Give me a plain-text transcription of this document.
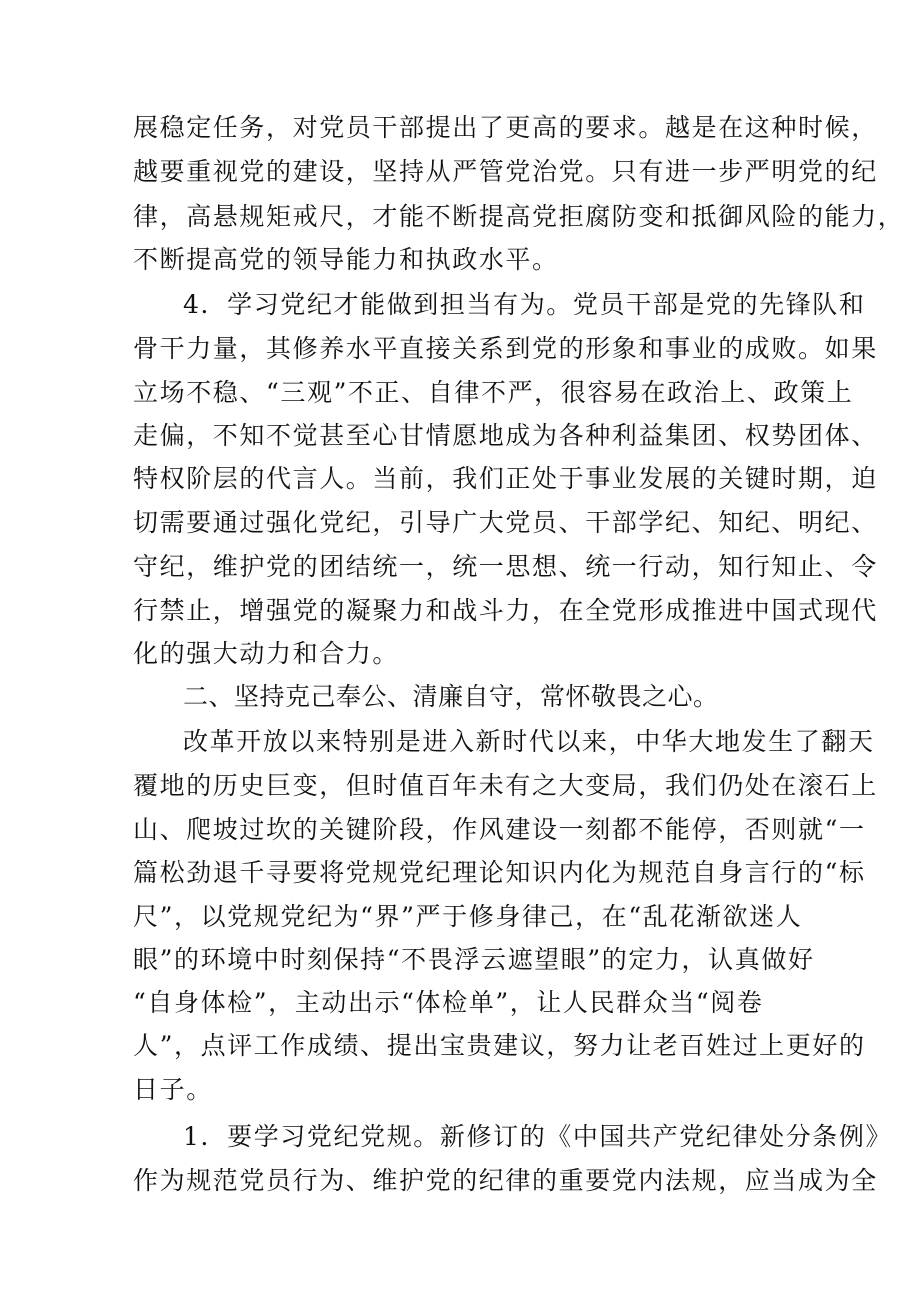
展稳定任务，对党员干部提出了更高的要求。越是在这种时候，
越要重视党的建设，坚持从严管党治党。只有进一步严明党的纪
律，高悬规矩戒尺，才能不断提高党拒腐防变和抵御风险的能力，
不断提高党的领导能力和执政水平。
4．学习党纪才能做到担当有为。党员干部是党的先锋队和
骨干力量，其修养水平直接关系到党的形象和事业的成败。如果
立场不稳、“三观”不正、自律不严，很容易在政治上、政策上
走偏，不知不觉甚至心甘情愿地成为各种利益集团、权势团体、
特权阶层的代言人。当前，我们正处于事业发展的关键时期，迫
切需要通过强化党纪，引导广大党员、干部学纪、知纪、明纪、
守纪，维护党的团结统一，统一思想、统一行动，知行知止、令
行禁止，增强党的凝聚力和战斗力，在全党形成推进中国式现代
化的强大动力和合力。
二、坚持克己奉公、清廉自守，常怀敬畏之心。
改革开放以来特别是进入新时代以来，中华大地发生了翻天
覆地的历史巨变，但时值百年未有之大变局，我们仍处在滚石上
山、爬坡过坎的关键阶段，作风建设一刻都不能停，否则就“一
篇松劲退千寻要将党规党纪理论知识内化为规范自身言行的“标
尺”，以党规党纪为“界”严于修身律己，在“乱花渐欲迷人
眼”的环境中时刻保持“不畏浮云遮望眼”的定力，认真做好
“自身体检”，主动出示“体检单”，让人民群众当“阅卷
人”，点评工作成绩、提出宝贵建议，努力让老百姓过上更好的
日子。
1．要学习党纪党规。新修订的《中国共产党纪律处分条例》
作为规范党员行为、维护党的纪律的重要党内法规，应当成为全
